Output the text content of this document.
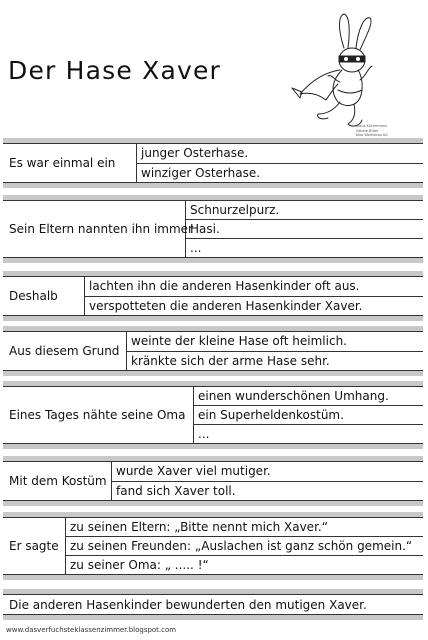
Der Hase Xaver
Klaus Küchemann
Sabine Büter
Kiko Workshop AG
Es war einmal ein
junger Osterhase.
winziger Osterhase.
Sein Eltern nannten ihn immer
Schnurzelpurz.
Hasi.
...
Deshalb
lachten ihn die anderen Hasenkinder oft aus.
verspotteten die anderen Hasenkinder Xaver.
Aus diesem Grund
weinte der kleine Hase oft heimlich.
kränkte sich der arme Hase sehr.
Eines Tages nähte seine Oma
einen wunderschönen Umhang.
ein Superheldenkostüm.
...
Mit dem Kostüm
wurde Xaver viel mutiger.
fand sich Xaver toll.
Er sagte
zu seinen Eltern: „Bitte nennt mich Xaver.“
zu seinen Freunden: „Auslachen ist ganz schön gemein.“
zu seiner Oma: „ ..... !“
Die anderen Hasenkinder bewunderten den mutigen Xaver.
www.dasverfuchsteklassenzimmer.blogspot.com
